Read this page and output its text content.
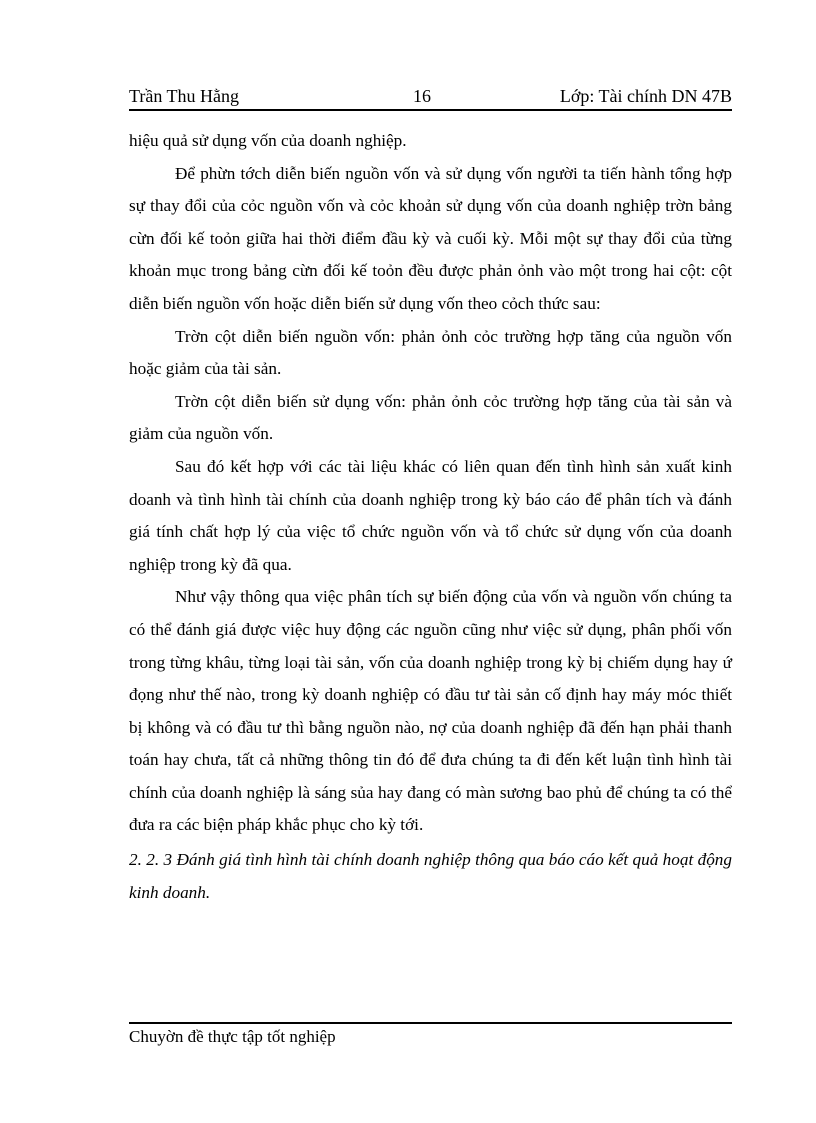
Trần Thu Hằng	16	Lớp: Tài chính DN 47B

hiệu quả sử dụng vốn của doanh nghiệp.

Để phừn tớch diễn biến nguồn vốn và sử dụng vốn người ta tiến hành tổng hợp sự thay đổi của cỏc nguồn vốn và cỏc khoản sử dụng vốn của doanh nghiệp trờn bảng cừn đối kế toỏn giữa hai thời điểm đầu kỳ và cuối kỳ. Mỗi một sự thay đổi của từng khoản mục trong bảng cừn đối kế toỏn đều được phản ỏnh vào một trong hai cột: cột diễn biến nguồn vốn hoặc diễn biến sử dụng vốn theo cỏch thức sau:

Trờn cột diễn biến nguồn vốn: phản ỏnh cỏc trường hợp tăng của nguồn vốn hoặc giảm của tài sản.

Trờn cột diễn biến sử dụng vốn: phản ỏnh cỏc trường hợp tăng của tài sản và giảm của nguồn vốn.

Sau đó kết hợp với các tài liệu khác có liên quan đến tình hình sản xuất kinh doanh và tình hình tài chính của doanh nghiệp trong kỳ báo cáo để phân tích và đánh giá tính chất hợp lý của việc tổ chức nguồn vốn và tổ chức sử dụng vốn của doanh nghiệp trong kỳ đã qua.

Như vậy thông qua việc phân tích sự biến động của vốn và nguồn vốn chúng ta có thể đánh giá được việc huy động các nguồn cũng như việc sử dụng, phân phối vốn trong từng khâu, từng loại tài sản, vốn của doanh nghiệp trong kỳ bị chiếm dụng hay ứ đọng như thế nào, trong kỳ doanh nghiệp có đầu tư tài sản cố định hay máy móc thiết bị không và có đầu tư thì bằng nguồn nào, nợ của doanh nghiệp đã đến hạn phải thanh toán hay chưa, tất cả những thông tin đó để đưa chúng ta đi đến kết luận tình hình tài chính của doanh nghiệp là sáng sủa hay đang có màn sương bao phủ để chúng ta có thể đưa ra các biện pháp khắc phục cho kỳ tới.

2. 2. 3 Đánh giá tình hình tài chính doanh nghiệp thông qua báo cáo kết quả hoạt động kinh doanh.

Chuyờn đề thực tập tốt nghiệp
